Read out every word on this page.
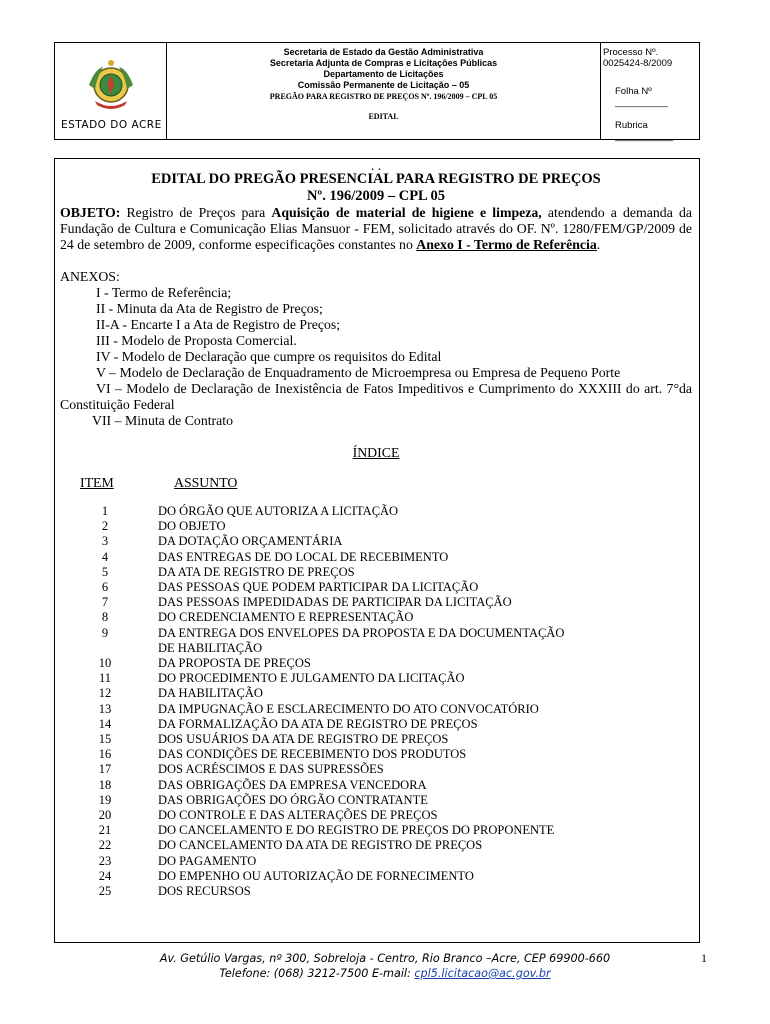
ESTADO DO ACRE
Secretaria de Estado da Gestão Administrativa
Secretaria Adjunta de Compras e Licitações Públicas
Departamento de Licitações
Comissão Permanente de Licitação – 05
PREGÃO PARA REGISTRO DE PREÇOS Nº. 196/2009 – CPL 05
EDITAL
Processo Nº. 0025424-8/2009
Folha Nº __________
Rubrica ___________
. .
EDITAL DO PREGÃO PRESENCIAL PARA REGISTRO DE PREÇOS
Nº. 196/2009 – CPL 05
OBJETO: Registro de Preços para Aquisição de material de higiene e limpeza, atendendo a demanda da Fundação de Cultura e Comunicação Elias Mansuor - FEM, solicitado através do OF. Nº. 1280/FEM/GP/2009 de 24 de setembro de 2009, conforme especificações constantes no Anexo I - Termo de Referência.
ANEXOS:
I - Termo de Referência;
II - Minuta da Ata de Registro de Preços;
II-A - Encarte I a Ata de Registro de Preços;
III - Modelo de Proposta Comercial.
IV - Modelo de Declaração que cumpre os requisitos do Edital
V – Modelo de Declaração de Enquadramento de Microempresa ou Empresa de Pequeno Porte
VI – Modelo de Declaração de Inexistência de Fatos Impeditivos e Cumprimento do XXXIII do art. 7°da Constituição Federal
VII – Minuta de Contrato
ÍNDICE
ITEM	ASSUNTO
1	DO ÓRGÃO QUE AUTORIZA A LICITAÇÃO
2	DO OBJETO
3	DA DOTAÇÃO ORÇAMENTÁRIA
4	DAS ENTREGAS DE DO LOCAL DE RECEBIMENTO
5	DA ATA DE REGISTRO DE PREÇOS
6	DAS PESSOAS QUE PODEM PARTICIPAR DA LICITAÇÃO
7	DAS PESSOAS IMPEDIDADAS DE PARTICIPAR DA LICITAÇÃO
8	DO CREDENCIAMENTO E REPRESENTAÇÃO
9	DA ENTREGA DOS ENVELOPES DA PROPOSTA E DA DOCUMENTAÇÃO
DE HABILITAÇÃO
10	DA PROPOSTA DE PREÇOS
11	DO PROCEDIMENTO E JULGAMENTO DA LICITAÇÃO
12	DA HABILITAÇÃO
13	DA IMPUGNAÇÃO E ESCLARECIMENTO DO ATO CONVOCATÓRIO
14	DA FORMALIZAÇÃO DA ATA DE REGISTRO DE PREÇOS
15	DOS USUÁRIOS DA ATA DE REGISTRO DE PREÇOS
16	DAS CONDIÇÕES DE RECEBIMENTO DOS PRODUTOS
17	DOS ACRÉSCIMOS E DAS SUPRESSÕES
18	DAS OBRIGAÇÕES DA EMPRESA VENCEDORA
19	DAS OBRIGAÇÕES DO ÓRGÃO CONTRATANTE
20	DO CONTROLE E DAS ALTERAÇÕES DE PREÇOS
21	DO CANCELAMENTO E DO REGISTRO DE PREÇOS DO PROPONENTE
22	DO CANCELAMENTO DA ATA DE REGISTRO DE PREÇOS
23	DO PAGAMENTO
24	DO EMPENHO OU AUTORIZAÇÃO DE FORNECIMENTO
25	DOS RECURSOS
Av. Getúlio Vargas, nº 300, Sobreloja - Centro, Rio Branco –Acre, CEP 69900-660
Telefone: (068) 3212-7500 E-mail: cpl5.licitacao@ac.gov.br
1
